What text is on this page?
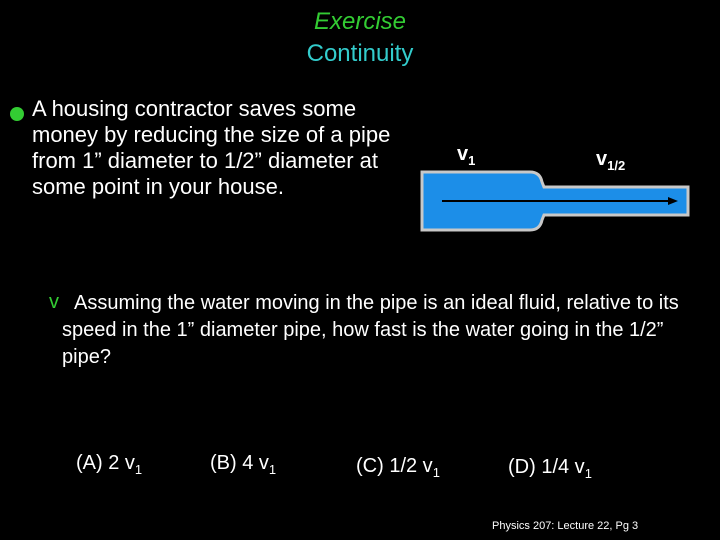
Exercise
Continuity
A housing contractor saves some money by reducing the size of a pipe from 1” diameter to 1/2” diameter at some point in your house.
$v_1$	$v_{1/2}$
v Assuming the water moving in the pipe is an ideal fluid, relative to its speed in the 1” diameter pipe, how fast is the water going in the 1/2” pipe?
(A) 2 $v_1$	(B) 4 $v_1$	(C) 1/2 $v_1$	(D) 1/4 $v_1$
Physics 207: Lecture 22, Pg 3
